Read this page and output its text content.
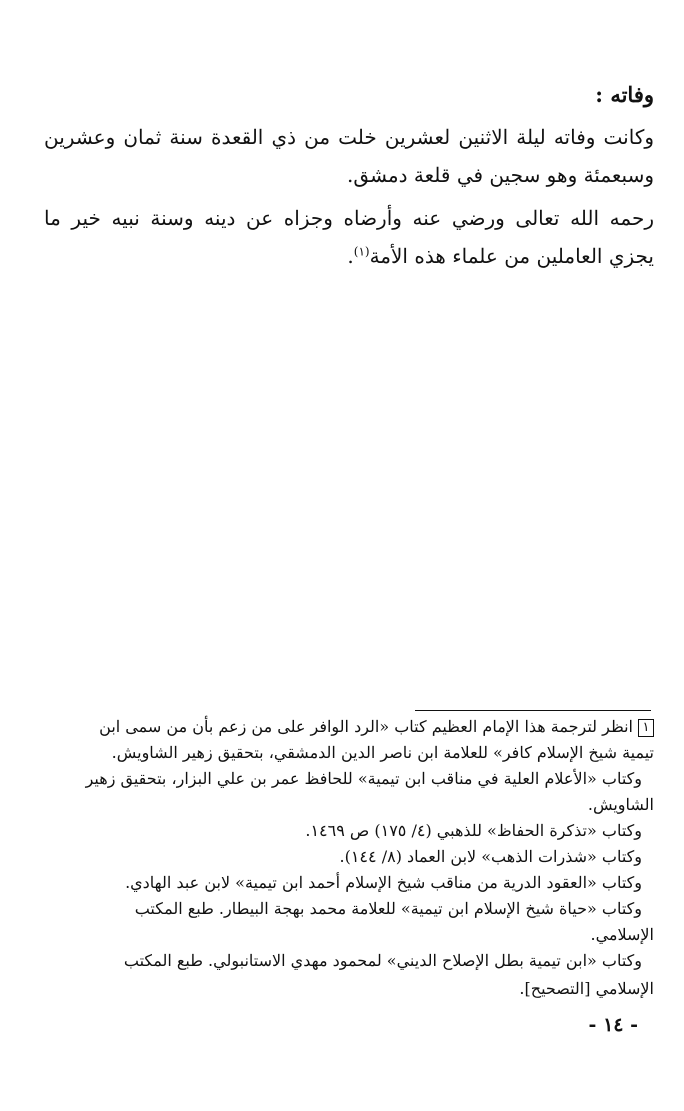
وفاته :

وكانت وفاته ليلة الاثنين لعشرين خلت من ذي القعدة سنة ثمان وعشرين وسبعمئة وهو سجين في قلعة دمشق.

رحمه الله تعالى ورضي عنه وأرضاه وجزاه عن دينه وسنة نبيه خير ما يجزي العاملين من علماء هذه الأمة$^{(١)}$.

١انظر لترجمة هذا الإمام العظيم كتاب «الرد الوافر على من زعم بأن من سمى ابن
تيمية شيخ الإسلام كافر» للعلامة ابن ناصر الدين الدمشقي، بتحقيق زهير الشاويش.
وكتاب «الأعلام العلية في مناقب ابن تيمية» للحافظ عمر بن علي البزار، بتحقيق زهير
الشاويش.
وكتاب «تذكرة الحفاظ» للذهبي (٤/ ١٧٥) ص ١٤٦٩.
وكتاب «شذرات الذهب» لابن العماد (٨/ ١٤٤).
وكتاب «العقود الدرية من مناقب شيخ الإسلام أحمد ابن تيمية» لابن عبد الهادي.
وكتاب «حياة شيخ الإسلام ابن تيمية» للعلامة محمد بهجة البيطار. طبع المكتب
الإسلامي.
وكتاب «ابن تيمية بطل الإصلاح الديني» لمحمود مهدي الاستانبولي. طبع المكتب
الإسلامي [التصحيح].
- ١٤ -
